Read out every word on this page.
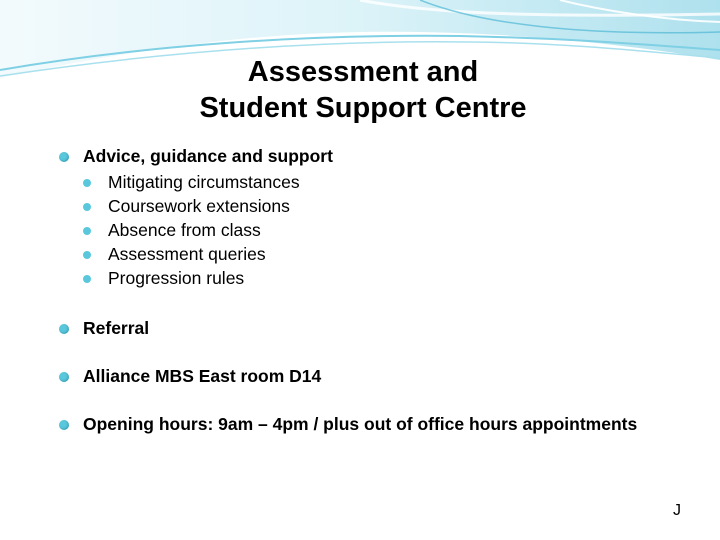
Assessment and
Student Support Centre
Advice, guidance and support
Mitigating circumstances
Coursework extensions
Absence from class
Assessment queries
Progression rules
Referral
Alliance MBS East room D14
Opening hours: 9am – 4pm / plus out of office hours appointments
J
